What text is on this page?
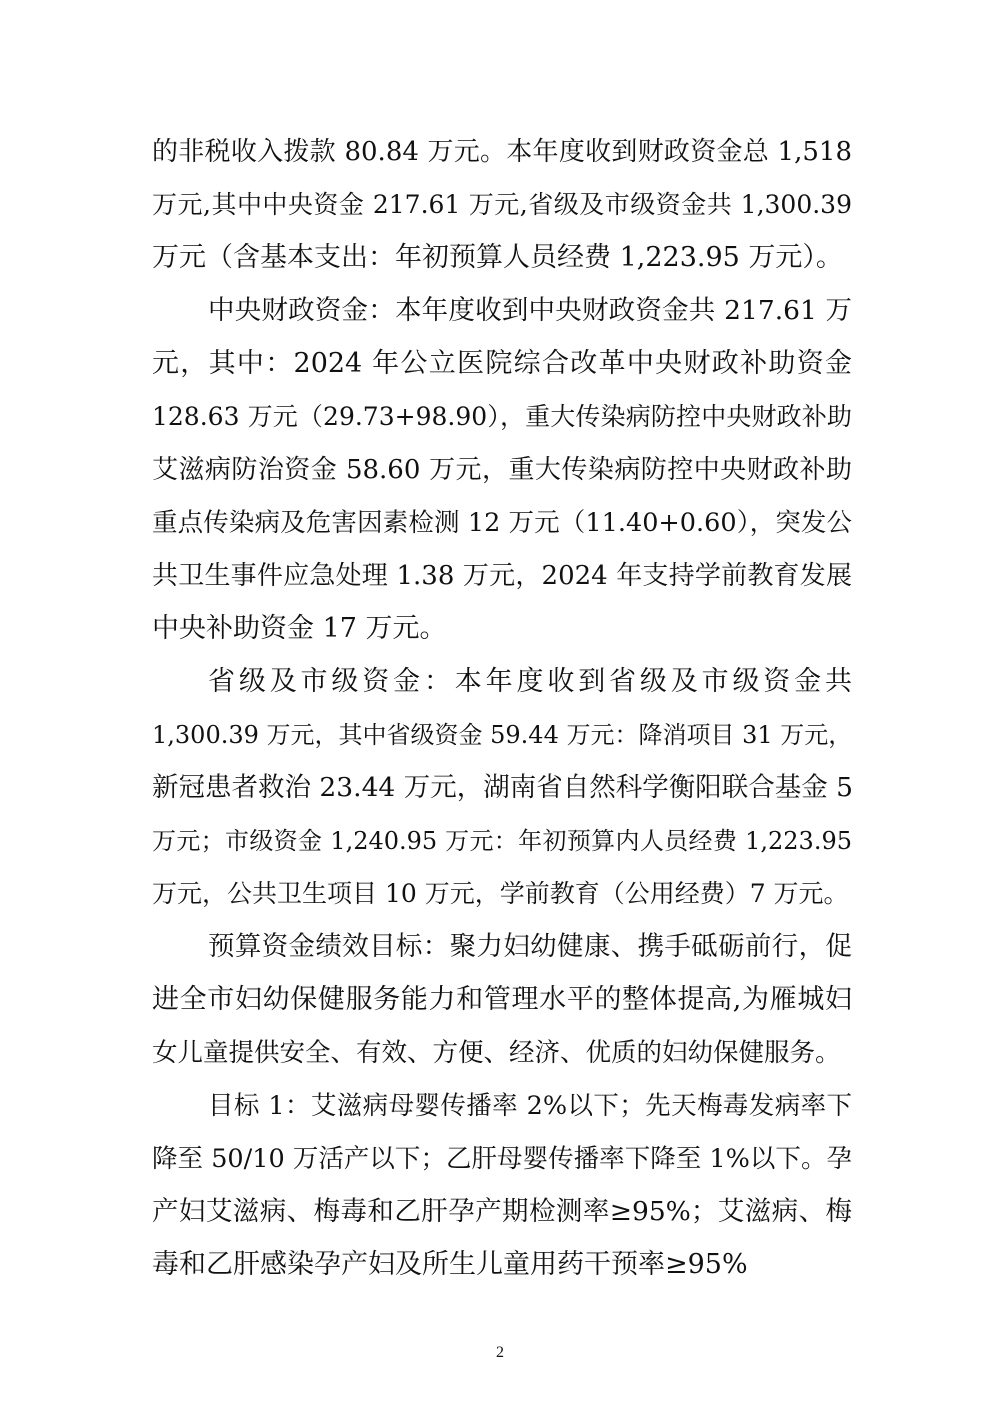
的非税收入拨款 80.84 万元。本年度收到财政资金总 1,518
万元,其中中央资金 217.61 万元,省级及市级资金共 1,300.39
万元（含基本支出：年初预算人员经费 1,223.95 万元）。
中央财政资金：本年度收到中央财政资金共 217.61 万
元，其中：2024 年公立医院综合改革中央财政补助资金
128.63 万元（29.73+98.90），重大传染病防控中央财政补助
艾滋病防治资金 58.60 万元，重大传染病防控中央财政补助
重点传染病及危害因素检测 12 万元（11.40+0.60），突发公
共卫生事件应急处理 1.38 万元，2024 年支持学前教育发展
中央补助资金 17 万元。
省级及市级资金：本年度收到省级及市级资金共
1,300.39 万元，其中省级资金 59.44 万元：降消项目 31 万元，
新冠患者救治 23.44 万元，湖南省自然科学衡阳联合基金 5
万元；市级资金 1,240.95 万元：年初预算内人员经费 1,223.95
万元，公共卫生项目 10 万元，学前教育（公用经费）7 万元。
预算资金绩效目标：聚力妇幼健康、携手砥砺前行，促
进全市妇幼保健服务能力和管理水平的整体提高,为雁城妇
女儿童提供安全、有效、方便、经济、优质的妇幼保健服务。
目标 1：艾滋病母婴传播率 2%以下；先天梅毒发病率下
降至 50/10 万活产以下；乙肝母婴传播率下降至 1%以下。孕
产妇艾滋病、梅毒和乙肝孕产期检测率≥95%；艾滋病、梅
毒和乙肝感染孕产妇及所生儿童用药干预率≥95%
2
